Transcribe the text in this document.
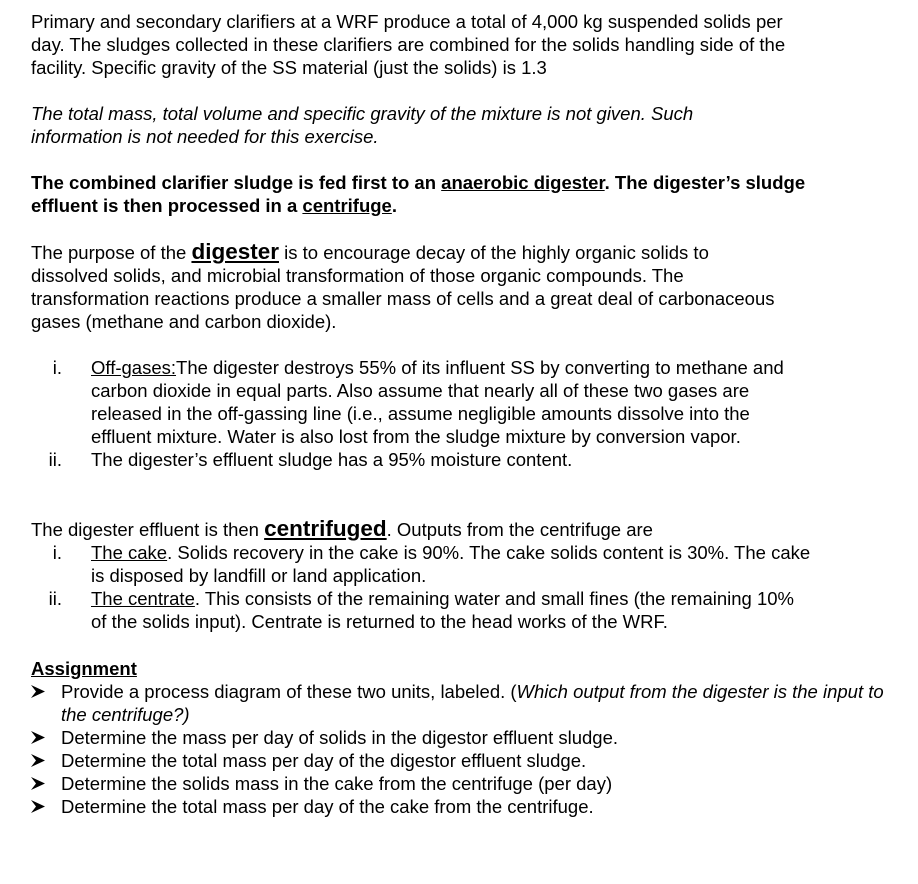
Primary and secondary clarifiers at a WRF produce a total of 4,000 kg suspended solids per day. The sludges collected in these clarifiers are combined for the solids handling side of the facility. Specific gravity of the SS material (just the solids) is 1.3

The total mass, total volume and specific gravity of the mixture is not given. Such information is not needed for this exercise.

The combined clarifier sludge is fed first to an anaerobic digester. The digester’s sludge effluent is then processed in a centrifuge.

The purpose of the digester is to encourage decay of the highly organic solids to dissolved solids, and microbial transformation of those organic compounds. The transformation reactions produce a smaller mass of cells and a great deal of carbonaceous gases (methane and carbon dioxide).

i. Off-gases:The digester destroys 55% of its influent SS by converting to methane and carbon dioxide in equal parts. Also assume that nearly all of these two gases are released in the off-gassing line (i.e., assume negligible amounts dissolve into the effluent mixture. Water is also lost from the sludge mixture by conversion vapor.
ii. The digester’s effluent sludge has a 95% moisture content.

The digester effluent is then centrifuged. Outputs from the centrifuge are

i. The cake. Solids recovery in the cake is 90%. The cake solids content is 30%. The cake is disposed by landfill or land application.
ii. The centrate. This consists of the remaining water and small fines (the remaining 10% of the solids input). Centrate is returned to the head works of the WRF.

Assignment

Provide a process diagram of these two units, labeled. (Which output from the digester is the input to the centrifuge?)
Determine the mass per day of solids in the digestor effluent sludge.
Determine the total mass per day of the digestor effluent sludge.
Determine the solids mass in the cake from the centrifuge (per day)
Determine the total mass per day of the cake from the centrifuge.
